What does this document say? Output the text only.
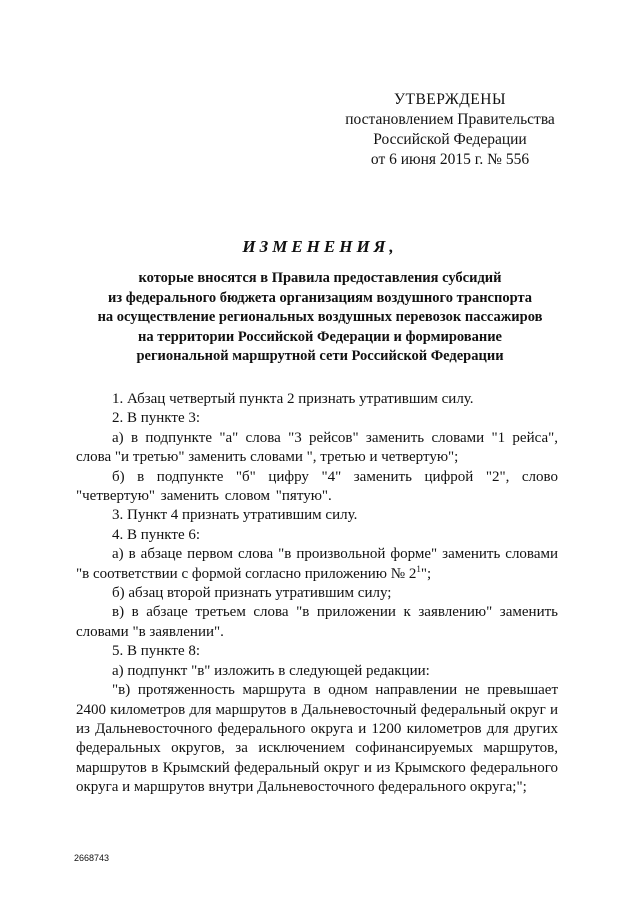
УТВЕРЖДЕНЫ
постановлением Правительства
Российской Федерации
от 6 июня 2015 г. № 556
ИЗМЕНЕНИЯ,
которые вносятся в Правила предоставления субсидий
из федерального бюджета организациям воздушного транспорта
на осуществление региональных воздушных перевозок пассажиров
на территории Российской Федерации и формирование
региональной маршрутной сети Российской Федерации

1. Абзац четвертый пункта 2 признать утратившим силу.

2. В пункте 3:

а) в подпункте "а" слова "3 рейсов" заменить словами "1 рейса", слова "и третью" заменить словами ", третью и четвертую";

б) в подпункте "б" цифру "4" заменить цифрой "2", слово "четвертую" заменить словом "пятую".

3. Пункт 4 признать утратившим силу.

4. В пункте 6:

а) в абзаце первом слова "в произвольной форме" заменить словами "в соответствии с формой согласно приложению № $2^1$";

б) абзац второй признать утратившим силу;

в) в абзаце третьем слова "в приложении к заявлению" заменить словами "в заявлении".

5. В пункте 8:

а) подпункт "в" изложить в следующей редакции:

"в) протяженность маршрута в одном направлении не превышает 2400 километров для маршрутов в Дальневосточный федеральный округ и из Дальневосточного федерального округа и 1200 километров для других федеральных округов, за исключением софинансируемых маршрутов, маршрутов в Крымский федеральный округ и из Крымского федерального округа и маршрутов внутри Дальневосточного федерального округа;";

2668743
